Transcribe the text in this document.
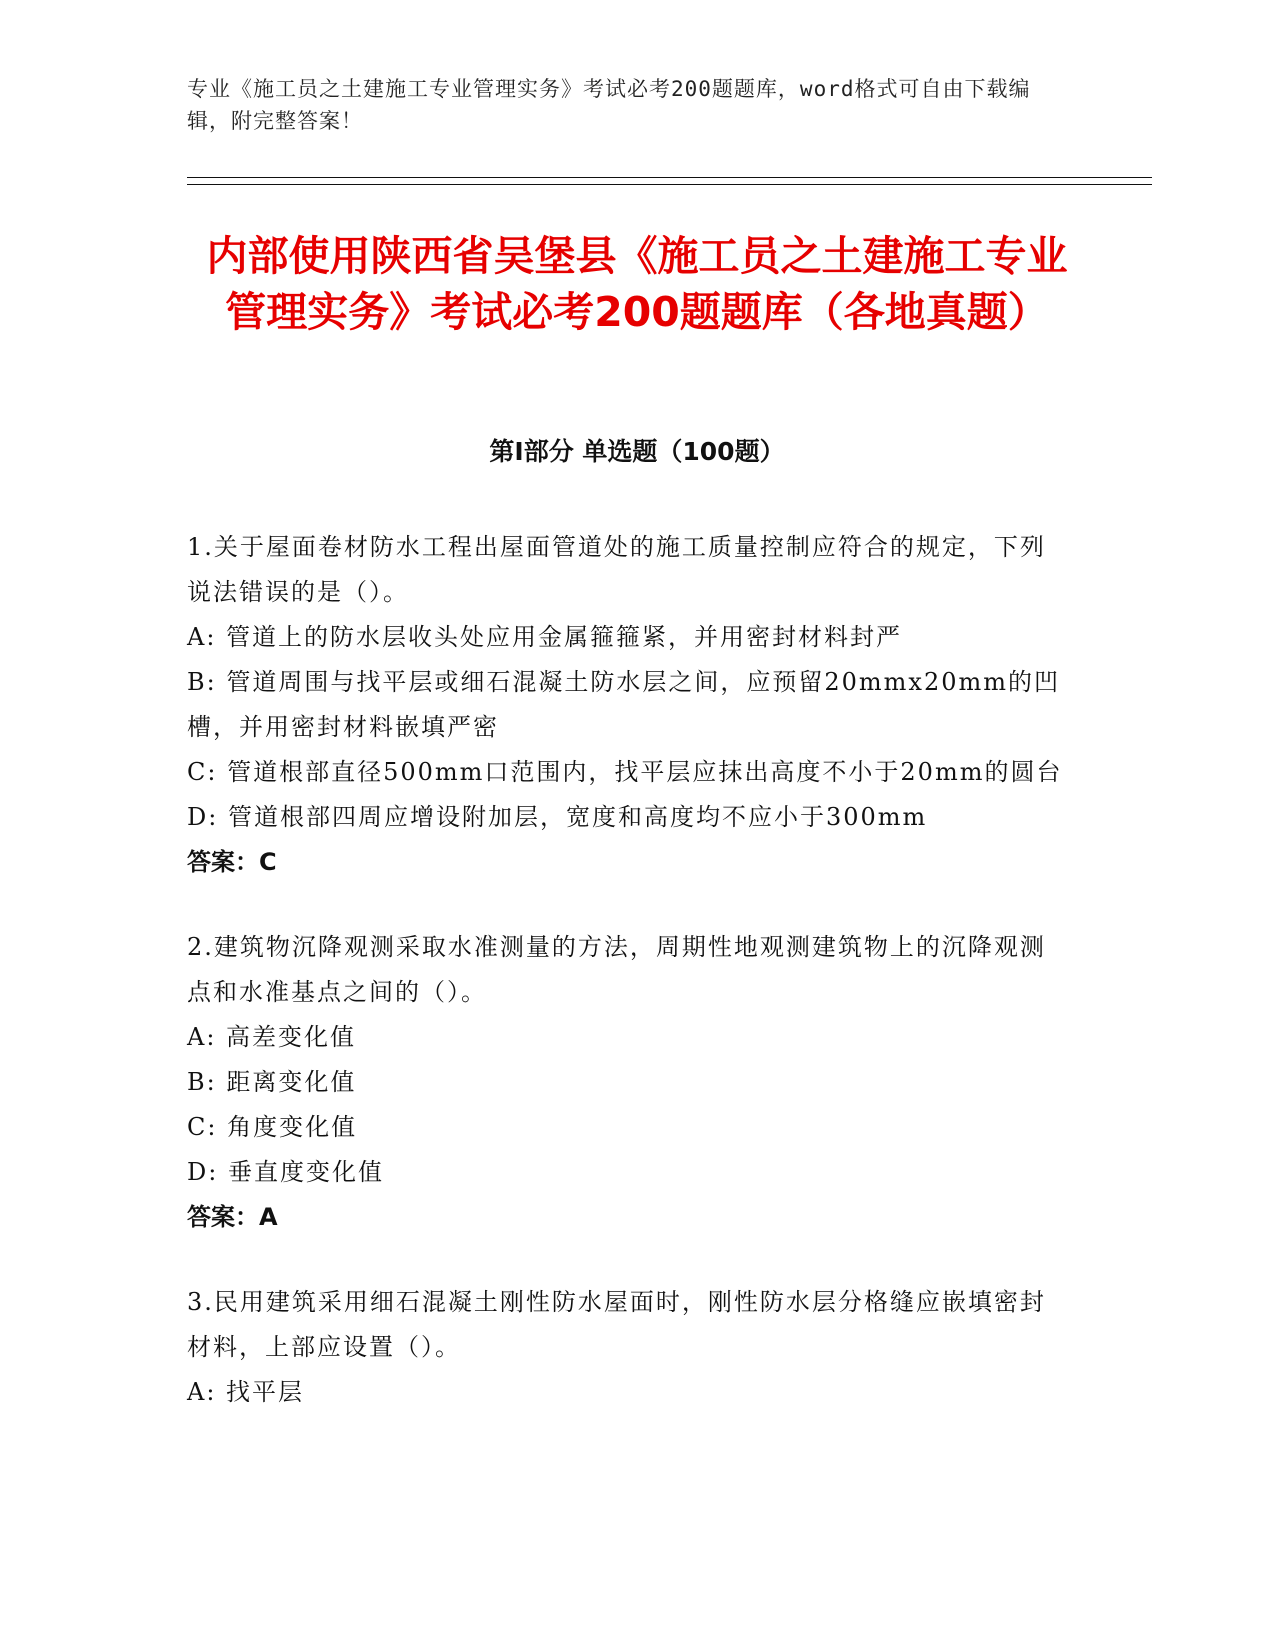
专业《施工员之土建施工专业管理实务》考试必考200题题库，word格式可自由下载编辑，附完整答案！
内部使用陕西省吴堡县《施工员之土建施工专业管理实务》考试必考200题题库（各地真题）
第I部分 单选题（100题）
1.关于屋面卷材防水工程出屋面管道处的施工质量控制应符合的规定，下列说法错误的是（）。
A: 管道上的防水层收头处应用金属箍箍紧，并用密封材料封严
B: 管道周围与找平层或细石混凝土防水层之间，应预留20mmx20mm的凹槽，并用密封材料嵌填严密
C: 管道根部直径500mm口范围内，找平层应抹出高度不小于20mm的圆台
D: 管道根部四周应增设附加层，宽度和高度均不应小于300mm
答案：C
2.建筑物沉降观测采取水准测量的方法，周期性地观测建筑物上的沉降观测点和水准基点之间的（）。
A: 高差变化值
B: 距离变化值
C: 角度变化值
D: 垂直度变化值
答案：A
3.民用建筑采用细石混凝土刚性防水屋面时，刚性防水层分格缝应嵌填密封材料，上部应设置（）。
A: 找平层
